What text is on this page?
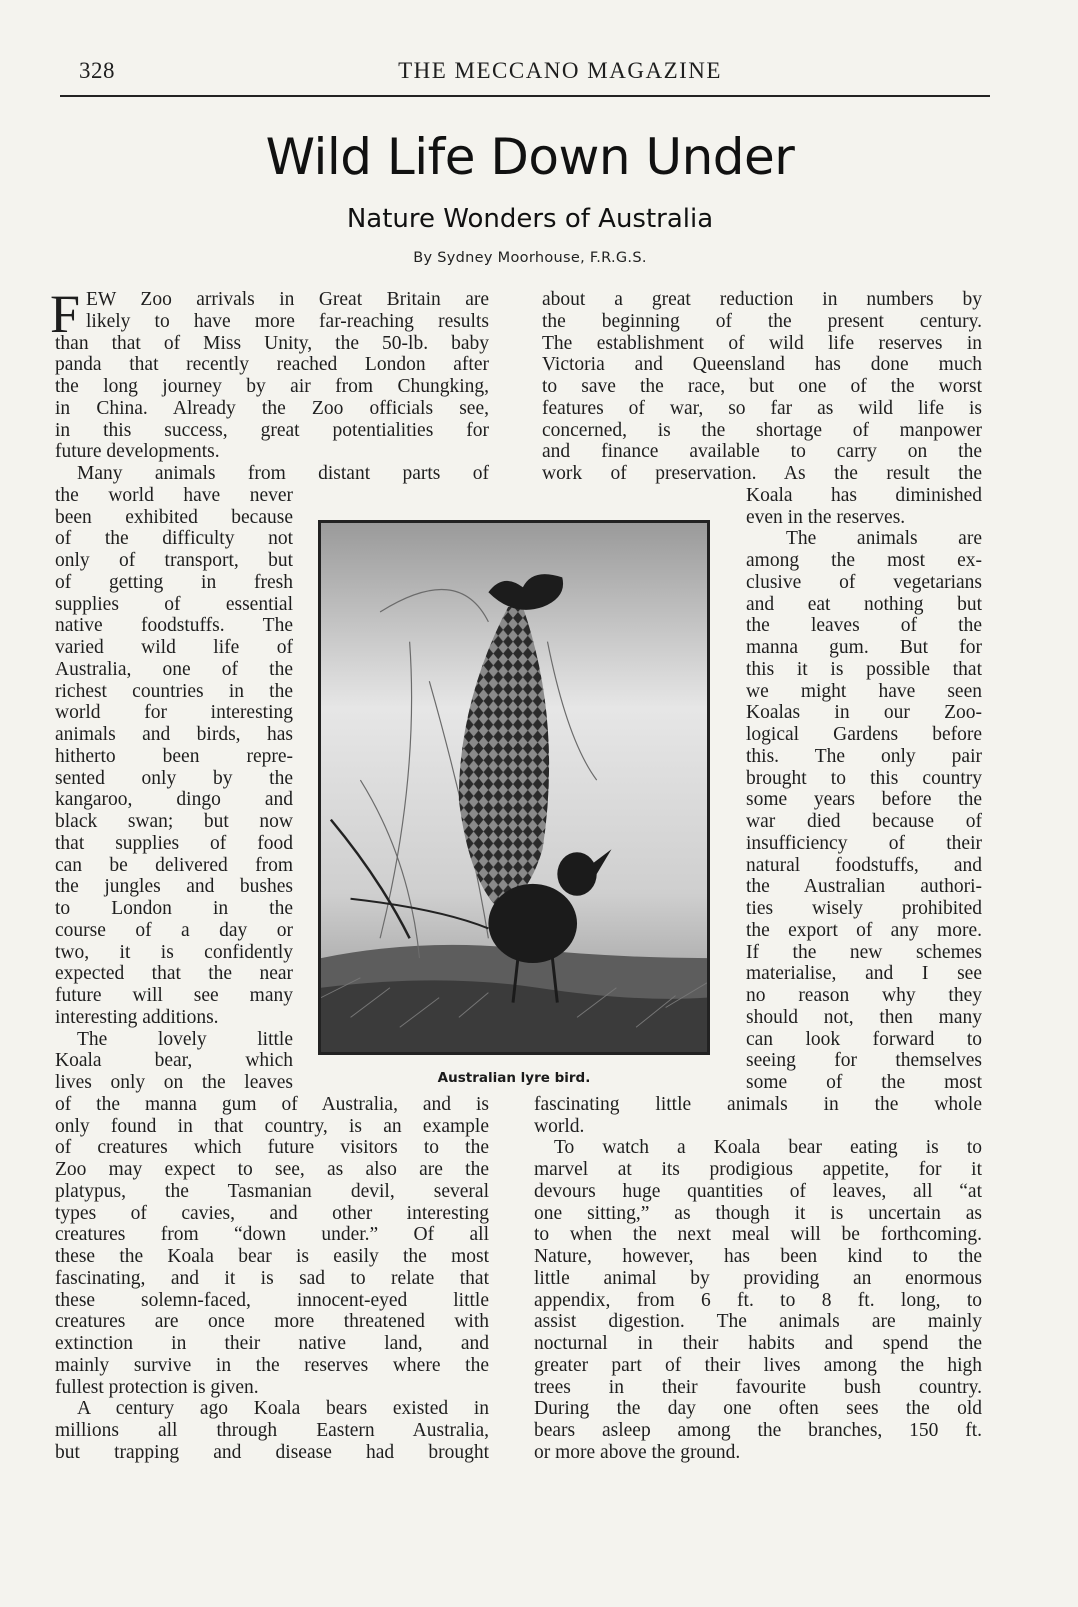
328	THE MECCANO MAGAZINE
Wild Life Down Under
Nature Wonders of Australia
By Sydney Moorhouse, F.R.G.S.
F EW Zoo arrivals in Great Britain are
likely to have more far-reaching results
than that of Miss Unity, the 50-lb. baby
panda that recently reached London after
the long journey by air from Chungking,
in China. Already the Zoo officials see,
in this success, great potentialities for
future developments.
Many animals from distant parts of
the world have never
been exhibited because
of the difficulty not
only of transport, but
of getting in fresh
supplies of essential
native foodstuffs. The
varied wild life of
Australia, one of the
richest countries in the
world for interesting
animals and birds, has
hitherto been repre-
sented only by the
kangaroo, dingo and
black swan; but now
that supplies of food
can be delivered from
the jungles and bushes
to London in the
course of a day or
two, it is confidently
expected that the near
future will see many
interesting additions.
The lovely little
Koala bear, which
lives only on the leaves
of the manna gum of Australia, and is
only found in that country, is an example
of creatures which future visitors to the
Zoo may expect to see, as also are the
platypus, the Tasmanian devil, several
types of cavies, and other interesting
creatures from “down under.” Of all
these the Koala bear is easily the most
fascinating, and it is sad to relate that
these solemn-faced, innocent-eyed little
creatures are once more threatened with
extinction in their native land, and
mainly survive in the reserves where the
fullest protection is given.
A century ago Koala bears existed in
millions all through Eastern Australia,
but trapping and disease had brought
about a great reduction in numbers by
the beginning of the present century.
The establishment of wild life reserves in
Victoria and Queensland has done much
to save the race, but one of the worst
features of war, so far as wild life is
concerned, is the shortage of manpower
and finance available to carry on the
work of preservation. As the result the
Koala has diminished
even in the reserves.
The animals are
among the most ex-
clusive of vegetarians
and eat nothing but
the leaves of the
manna gum. But for
this it is possible that
we might have seen
Koalas in our Zoo-
logical Gardens before
this. The only pair
brought to this country
some years before the
war died because of
insufficiency of their
natural foodstuffs, and
the Australian authori-
ties wisely prohibited
the export of any more.
If the new schemes
materialise, and I see
no reason why they
should not, then many
can look forward to
seeing for themselves
some of the most
fascinating little animals in the whole
world.
To watch a Koala bear eating is to
marvel at its prodigious appetite, for it
devours huge quantities of leaves, all “at
one sitting,” as though it is uncertain as
to when the next meal will be forthcoming.
Nature, however, has been kind to the
little animal by providing an enormous
appendix, from 6 ft. to 8 ft. long, to
assist digestion. The animals are mainly
nocturnal in their habits and spend the
greater part of their lives among the high
trees in their favourite bush country.
During the day one often sees the old
bears asleep among the branches, 150 ft.
or more above the ground.
Australian lyre bird.
